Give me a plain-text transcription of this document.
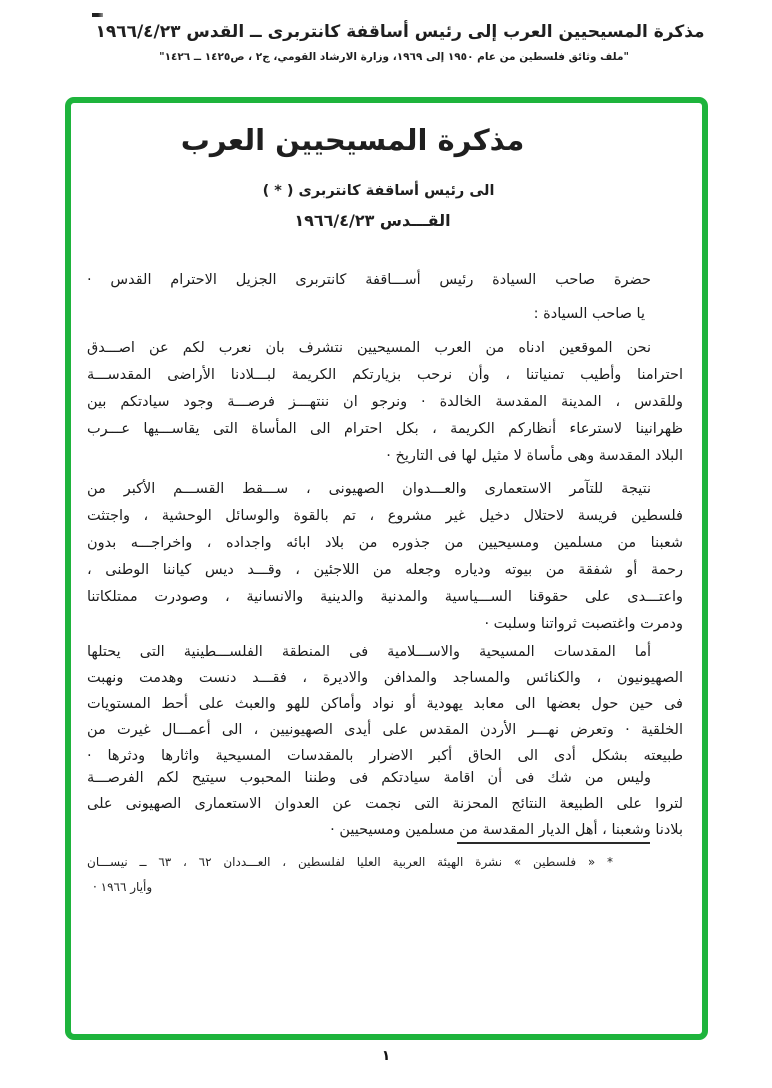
مذكرة المسيحيين العرب إلى رئيس أساقفة كانتربرى ــ القدس ١٩٦٦/٤/٢٣
"ملف وثائق فلسطين من عام ١٩٥٠ إلى ١٩٦٩، وزارة الارشاد القومي، ج٢ ، ص١٤٢٥ ــ ١٤٢٦"
مذكرة المسيحيين العرب
الى رئيس أساقفة كانتربرى ( * )
القـــدس ١٩٦٦/٤/٢٣
حضرة صاحب السيادة رئيس أســـاقفة كانتربرى الجزيل الاحترام القدس ·
يا صاحب السيادة :
نحن الموقعين ادناه من العرب المسيحيين نتشرف بان نعرب لكم عن اصـــدق
احترامنا وأطيب تمنياتنا ، وأن نرحب بزيارتكم الكريمة لبـــلادنا الأراضى المقدســـة
وللقدس ، المدينة المقدسة الخالدة · ونرجو ان ننتهـــز فرصـــة وجود سيادتكم بين
ظهرانينا لاسترعاء أنظاركم الكريمة ، بكل احترام الى المأساة التى يقاســـيها عـــرب
البلاد المقدسة وهى مأساة لا مثيل لها فى التاريخ ·
نتيجة للتآمر الاستعمارى والعـــدوان الصهيونى ، ســـقط القســـم الأكبر من
فلسطين فريسة لاحتلال دخيل غير مشروع ، تم بالقوة والوسائل الوحشية ، واجتثت
شعبنا من مسلمين ومسيحيين من جذوره من بلاد ابائه واجداده ، واخراجـــه بدون
رحمة أو شفقة من بيوته ودياره وجعله من اللاجئين ، وقـــد ديس كياننا الوطنى ،
واعتـــدى على حقوقنا الســـياسية والمدنية والدينية والانسانية ، وصودرت ممتلكاتنا
ودمرت واغتصبت ثرواتنا وسلبت ·
أما المقدسات المسيحية والاســـلامية فى المنطقة الفلســـطينية التى يحتلها
الصهيونيون ، والكنائس والمساجد والمدافن والاديرة ، فقـــد دنست وهدمت ونهبت
فى حين حول بعضها الى معابد يهودية أو نواد وأماكن للهو والعبث على أحط المستويات
الخلقية · وتعرض نهـــر الأردن المقدس على أيدى الصهيونيين ، الى أعمـــال غيرت من
طبيعته بشكل أدى الى الحاق أكبر الاضرار بالمقدسات المسيحية واثارها ودثرها ·
وليس من شك فى أن اقامة سيادتكم فى وطننا المحبوب سيتيح لكم الفرصـــة
لتروا على الطبيعة النتائج المحزنة التى نجمت عن العدوان الاستعمارى الصهيونى على
بلادنا وشعبنا ، أهل الديار المقدسة من مسلمين ومسيحيين ·
* « فلسطين » نشرة الهيئة العربية العليا لفلسطين ، العـــددان ٦٢ ، ٦٣ ــ نيســـان
وأيار ١٩٦٦ ·
١
